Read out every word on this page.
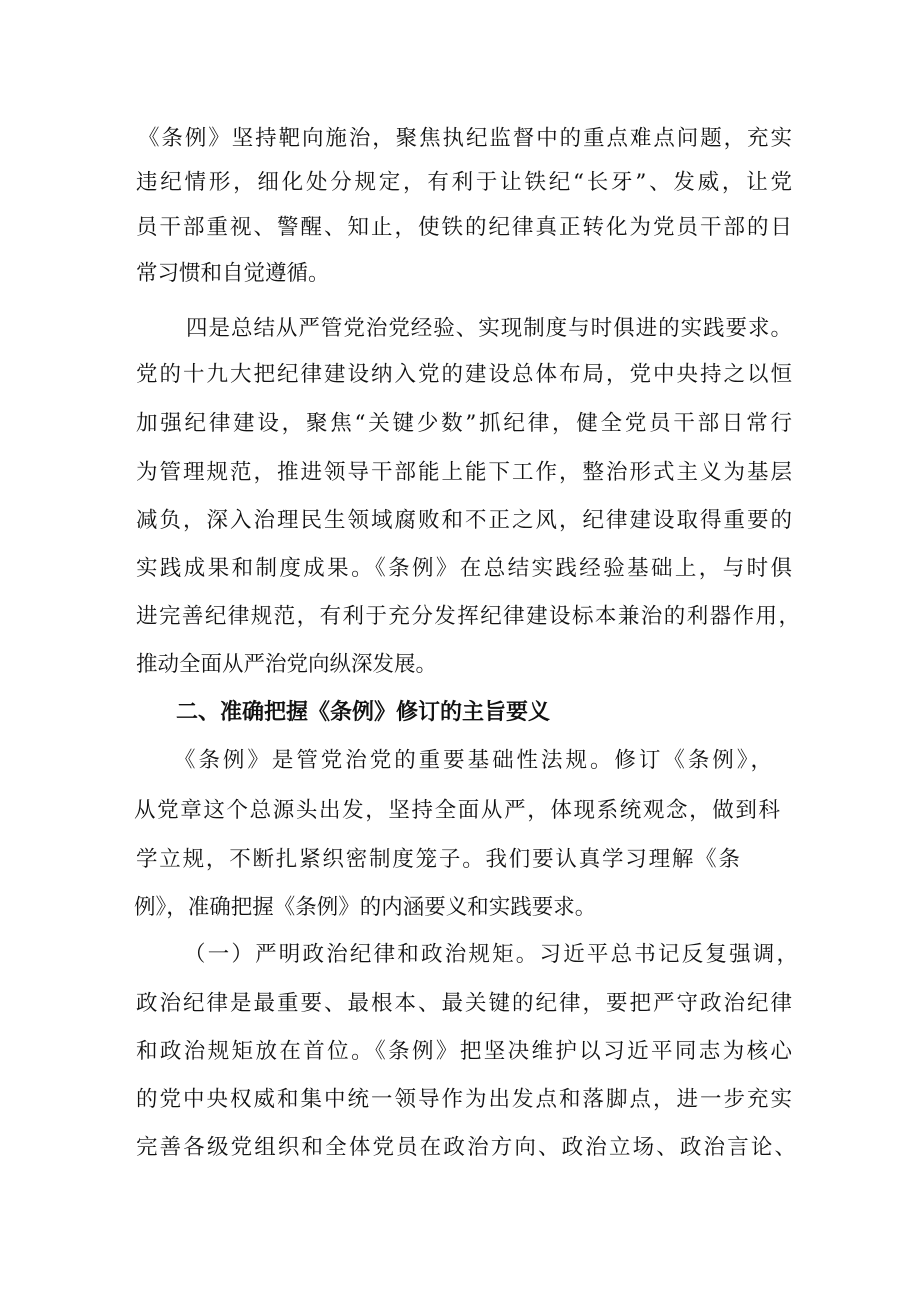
《条例》坚持靶向施治，聚焦执纪监督中的重点难点问题，充实
违纪情形，细化处分规定，有利于让铁纪“长牙”、发威，让党
员干部重视、警醒、知止，使铁的纪律真正转化为党员干部的日
常习惯和自觉遵循。
四是总结从严管党治党经验、实现制度与时俱进的实践要求。
党的十九大把纪律建设纳入党的建设总体布局，党中央持之以恒
加强纪律建设，聚焦“关键少数”抓纪律，健全党员干部日常行
为管理规范，推进领导干部能上能下工作，整治形式主义为基层
减负，深入治理民生领域腐败和不正之风，纪律建设取得重要的
实践成果和制度成果。《条例》在总结实践经验基础上，与时俱
进完善纪律规范，有利于充分发挥纪律建设标本兼治的利器作用，
推动全面从严治党向纵深发展。
二、准确把握《条例》修订的主旨要义
《条例》是管党治党的重要基础性法规。修订《条例》，
从党章这个总源头出发，坚持全面从严，体现系统观念，做到科
学立规，不断扎紧织密制度笼子。我们要认真学习理解《条
例》，准确把握《条例》的内涵要义和实践要求。
（一）严明政治纪律和政治规矩。习近平总书记反复强调，
政治纪律是最重要、最根本、最关键的纪律，要把严守政治纪律
和政治规矩放在首位。《条例》把坚决维护以习近平同志为核心
的党中央权威和集中统一领导作为出发点和落脚点，进一步充实
完善各级党组织和全体党员在政治方向、政治立场、政治言论、
